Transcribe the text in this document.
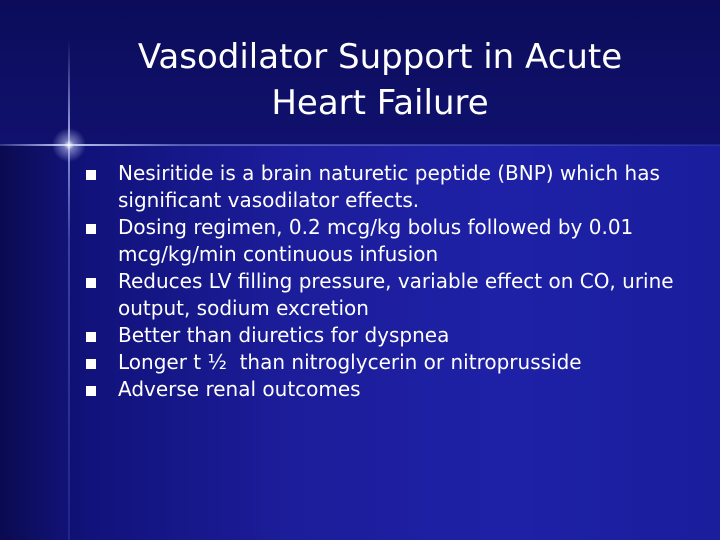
Vasodilator Support in Acute
Heart Failure
Nesiritide is a brain naturetic peptide (BNP) which has significant vasodilator effects.
Dosing regimen, 0.2 mcg/kg bolus followed by 0.01 mcg/kg/min continuous infusion
Reduces LV filling pressure, variable effect on CO, urine output, sodium excretion
Better than diuretics for dyspnea
Longer t ½  than nitroglycerin or nitroprusside
Adverse renal outcomes
